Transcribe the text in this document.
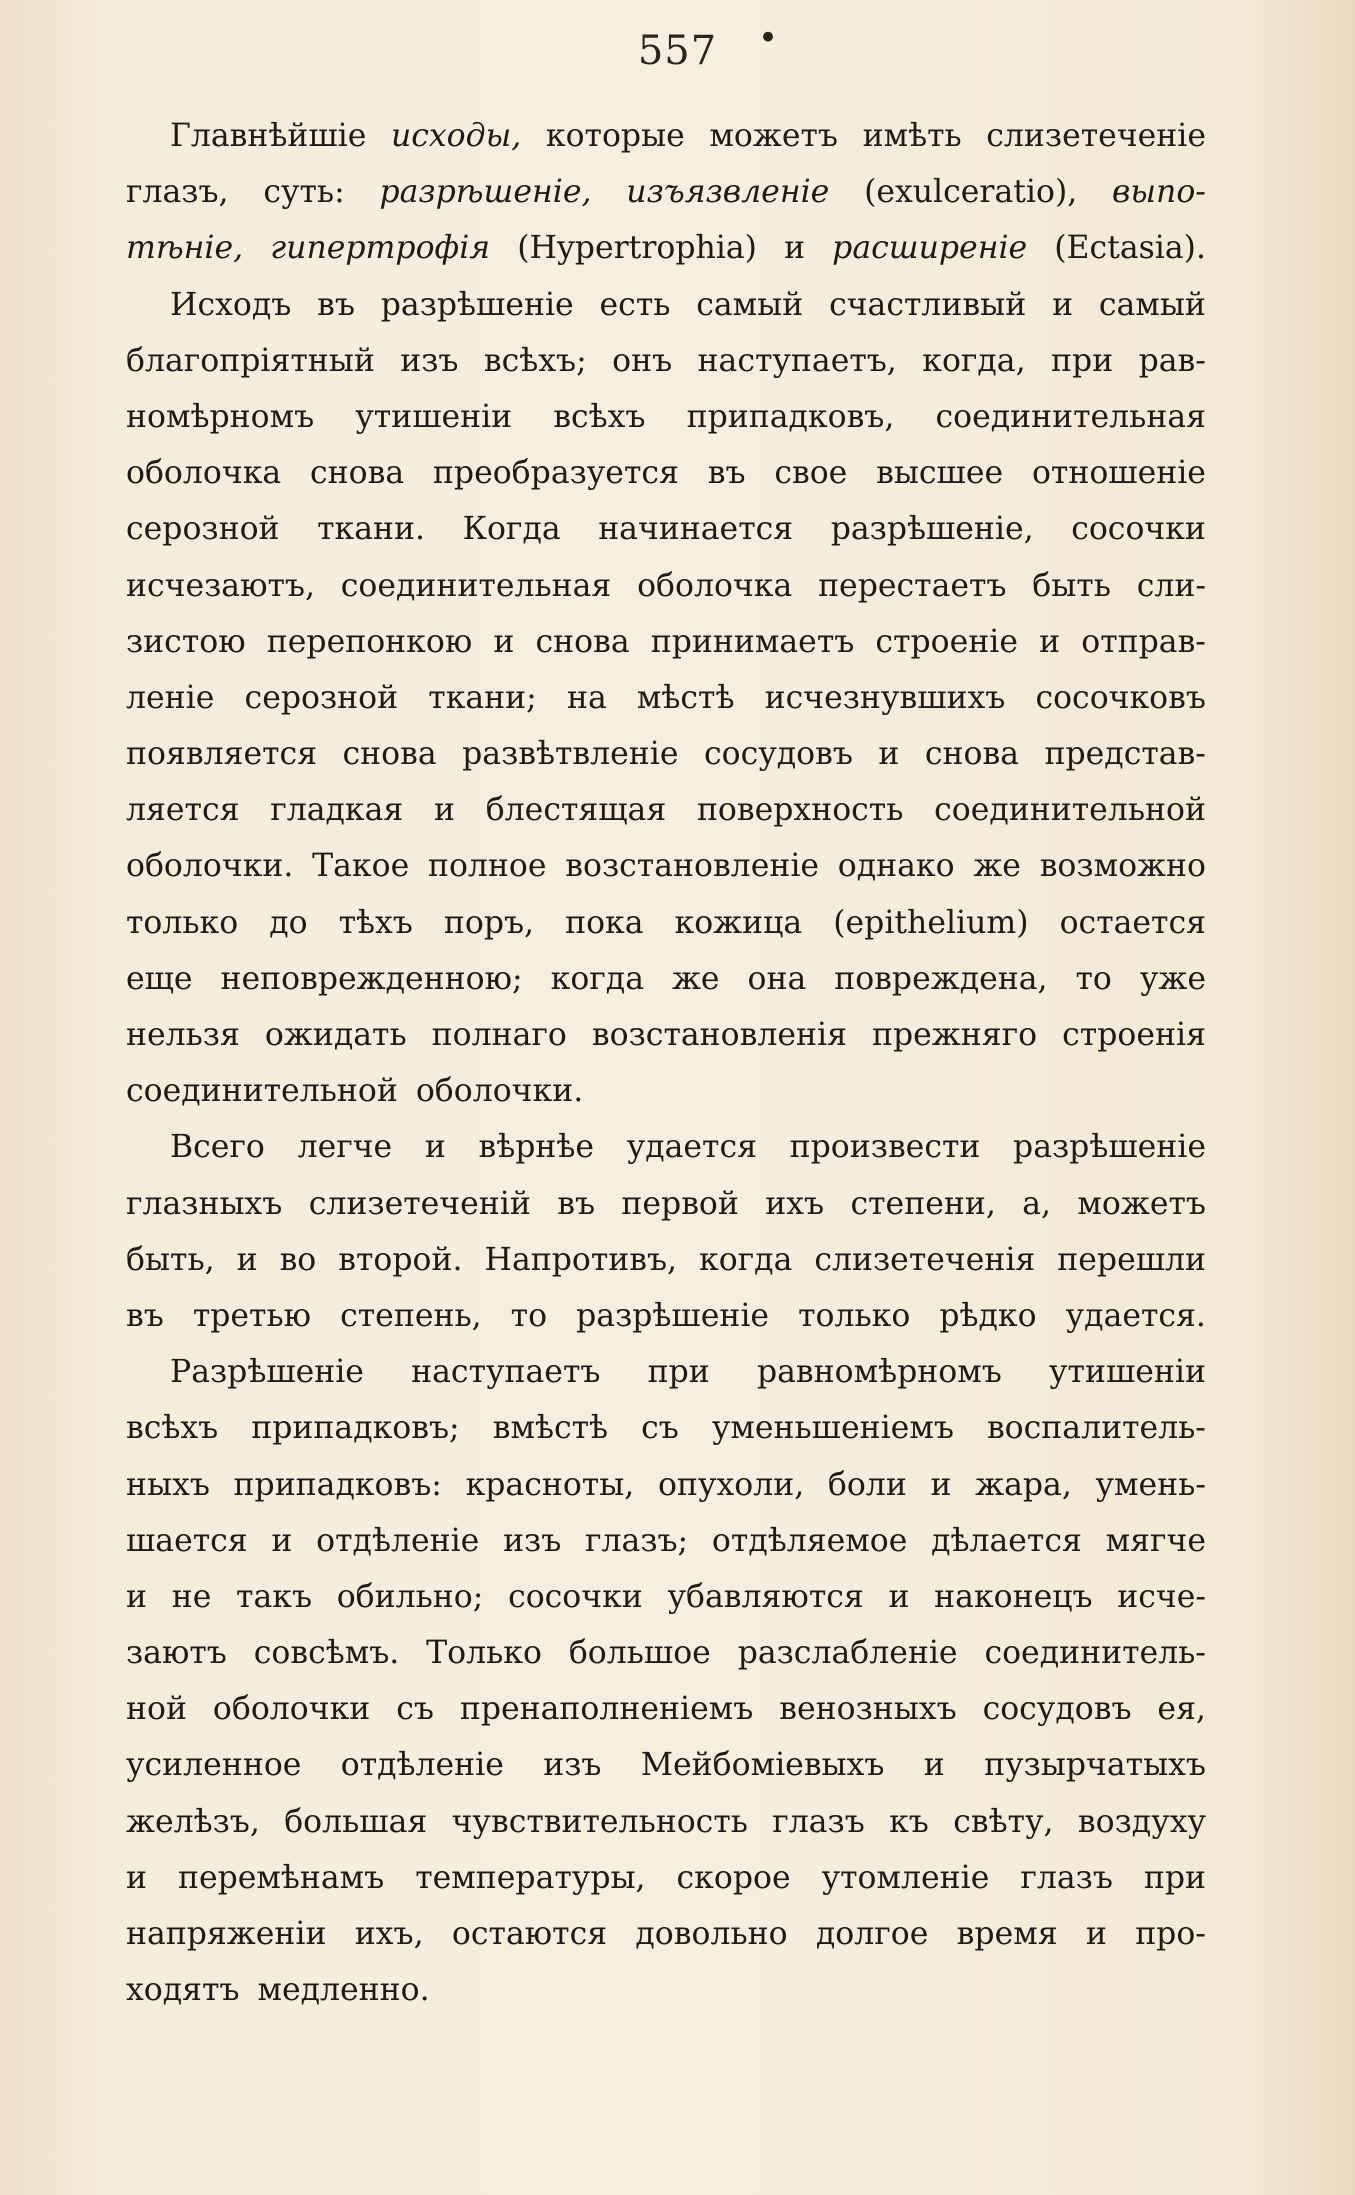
557	•
Главнѣйшіе исходы, которые можетъ имѣть слизетеченіе
глазъ, суть: разрѣшеніе, изъязвленіе (exulceratio), выпо-
тѣніе, гипертрофія (Hypertrophia) и расширеніе (Ectasia).
Исходъ въ разрѣшеніе есть самый счастливый и самый
благопріятный изъ всѣхъ; онъ наступаетъ, когда, при рав-
номѣрномъ утишеніи всѣхъ припадковъ, соединительная
оболочка снова преобразуется въ свое высшее отношеніе
серозной ткани. Когда начинается разрѣшеніе, сосочки
исчезаютъ, соединительная оболочка перестаетъ быть сли-
зистою перепонкою и снова принимаетъ строеніе и отправ-
леніе серозной ткани; на мѣстѣ исчезнувшихъ сосочковъ
появляется снова развѣтвленіе сосудовъ и снова представ-
ляется гладкая и блестящая поверхность соединительной
оболочки. Такое полное возстановленіе однако же возможно
только до тѣхъ поръ, пока кожица (epithelium) остается
еще неповрежденною; когда же она повреждена, то уже
нельзя ожидать полнаго возстановленія прежняго строенія
соединительной оболочки.
Всего легче и вѣрнѣе удается произвести разрѣшеніе
глазныхъ слизетеченій въ первой ихъ степени, а, можетъ
быть, и во второй. Напротивъ, когда слизетеченія перешли
въ третью степень, то разрѣшеніе только рѣдко удается.
Разрѣшеніе наступаетъ при равномѣрномъ утишеніи
всѣхъ припадковъ; вмѣстѣ съ уменьшеніемъ воспалитель-
ныхъ припадковъ: красноты, опухоли, боли и жара, умень-
шается и отдѣленіе изъ глазъ; отдѣляемое дѣлается мягче
и не такъ обильно; сосочки убавляются и наконецъ исче-
заютъ совсѣмъ. Только большое разслабленіе соединитель-
ной оболочки съ пренаполненіемъ венозныхъ сосудовъ ея,
усиленное отдѣленіе изъ Мейбоміевыхъ и пузырчатыхъ
желѣзъ, большая чувствительность глазъ къ свѣту, воздуху
и перемѣнамъ температуры, скорое утомленіе глазъ при
напряженіи ихъ, остаются довольно долгое время и про-
ходятъ медленно.
